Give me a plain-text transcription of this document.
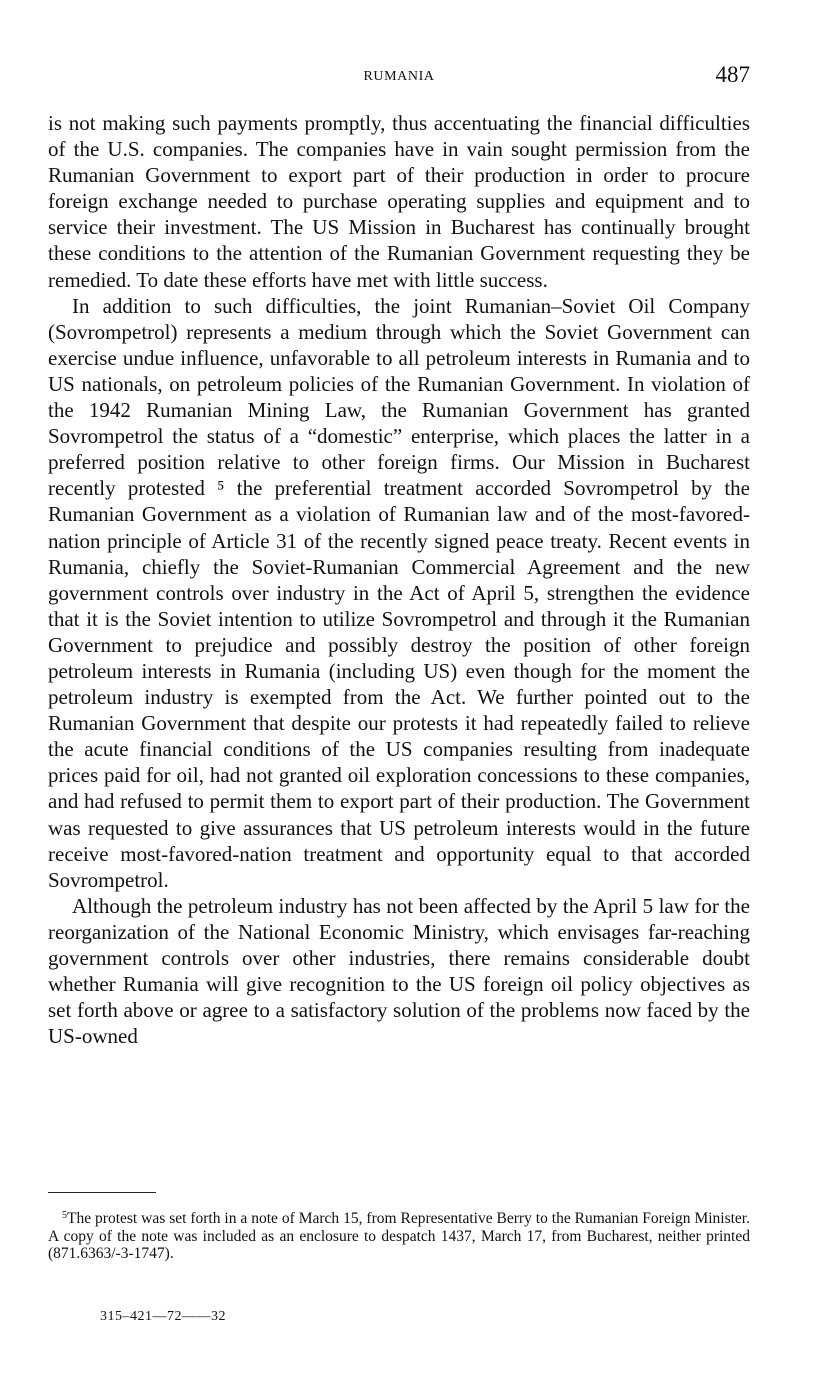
RUMANIA	487

is not making such payments promptly, thus accentuating the financial difficulties of the U.S. companies. The companies have in vain sought permission from the Rumanian Government to export part of their production in order to procure foreign exchange needed to purchase operating supplies and equipment and to service their investment. The US Mission in Bucharest has continually brought these conditions to the attention of the Rumanian Government requesting they be remedied. To date these efforts have met with little success.

In addition to such difficulties, the joint Rumanian–Soviet Oil Company (Sovrompetrol) represents a medium through which the Soviet Government can exercise undue influence, unfavorable to all petroleum interests in Rumania and to US nationals, on petroleum policies of the Rumanian Government. In violation of the 1942 Rumanian Mining Law, the Rumanian Government has granted Sovrompetrol the status of a “domestic” enterprise, which places the latter in a preferred position relative to other foreign firms. Our Mission in Bucharest recently protested ⁵ the preferential treatment accorded Sovrompetrol by the Rumanian Government as a violation of Rumanian law and of the most-favored-nation principle of Article 31 of the recently signed peace treaty. Recent events in Rumania, chiefly the Soviet-Rumanian Commercial Agreement and the new government controls over industry in the Act of April 5, strengthen the evidence that it is the Soviet intention to utilize Sovrompetrol and through it the Rumanian Government to prejudice and possibly destroy the position of other foreign petroleum interests in Rumania (including US) even though for the moment the petroleum industry is exempted from the Act. We further pointed out to the Rumanian Government that despite our protests it had repeatedly failed to relieve the acute financial conditions of the US companies resulting from inadequate prices paid for oil, had not granted oil exploration concessions to these companies, and had refused to permit them to export part of their production. The Government was requested to give assurances that US petroleum interests would in the future receive most-favored-nation treatment and opportunity equal to that accorded Sovrompetrol.

Although the petroleum industry has not been affected by the April 5 law for the reorganization of the National Economic Ministry, which envisages far-reaching government controls over other industries, there remains considerable doubt whether Rumania will give recognition to the US foreign oil policy objectives as set forth above or agree to a satisfactory solution of the problems now faced by the US-owned

$^5$The protest was set forth in a note of March 15, from Representative Berry to the Rumanian Foreign Minister. A copy of the note was included as an enclosure to despatch 1437, March 17, from Bucharest, neither printed (871.6363/-3-1747).

315–421—72——32
